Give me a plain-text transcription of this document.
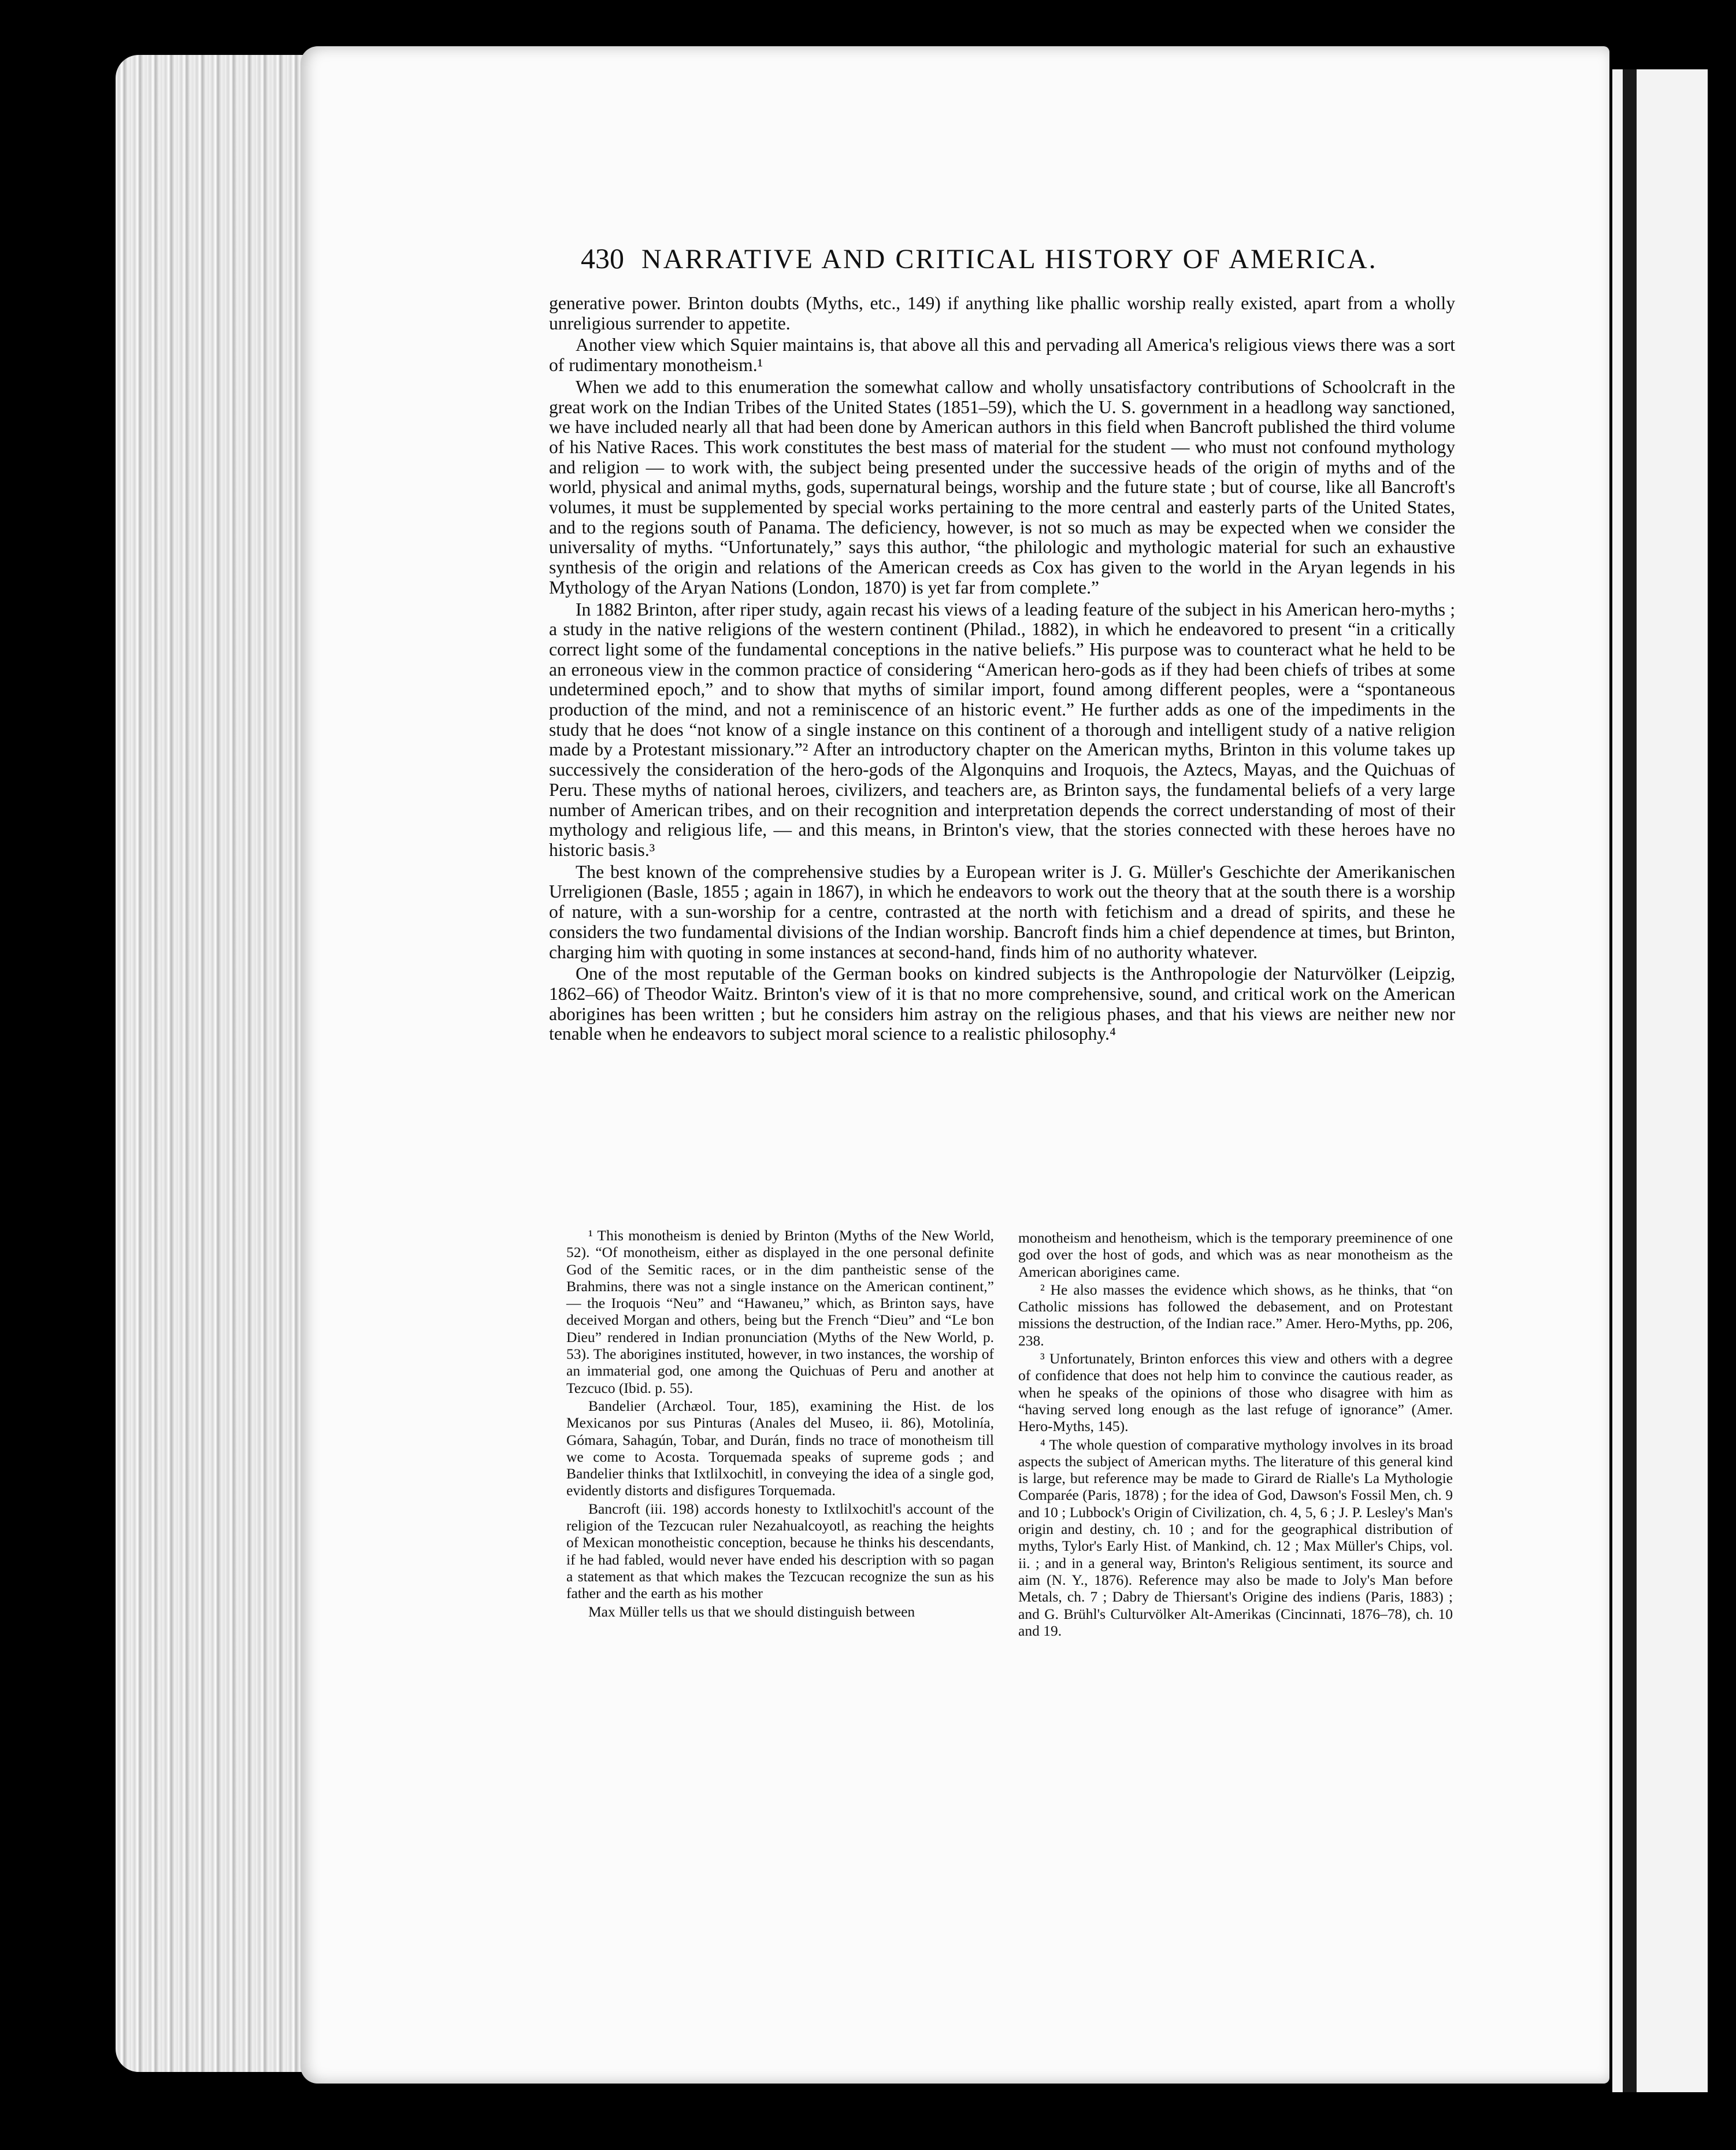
430 NARRATIVE AND CRITICAL HISTORY OF AMERICA.

generative power. Brinton doubts (Myths, etc., 149) if anything like phallic worship really existed, apart from a wholly unreligious surrender to appetite.

Another view which Squier maintains is, that above all this and pervading all America's religious views there was a sort of rudimentary monotheism.¹

When we add to this enumeration the somewhat callow and wholly unsatisfactory contributions of Schoolcraft in the great work on the Indian Tribes of the United States (1851–59), which the U. S. government in a headlong way sanctioned, we have included nearly all that had been done by American authors in this field when Bancroft published the third volume of his Native Races. This work constitutes the best mass of material for the student — who must not confound mythology and religion — to work with, the subject being presented under the successive heads of the origin of myths and of the world, physical and animal myths, gods, supernatural beings, worship and the future state ; but of course, like all Bancroft's volumes, it must be supplemented by special works pertaining to the more central and easterly parts of the United States, and to the regions south of Panama. The deficiency, however, is not so much as may be expected when we consider the universality of myths. “Unfortunately,” says this author, “the philologic and mythologic material for such an exhaustive synthesis of the origin and relations of the American creeds as Cox has given to the world in the Aryan legends in his Mythology of the Aryan Nations (London, 1870) is yet far from complete.”

In 1882 Brinton, after riper study, again recast his views of a leading feature of the subject in his American hero-myths ; a study in the native religions of the western continent (Philad., 1882), in which he endeavored to present “in a critically correct light some of the fundamental conceptions in the native beliefs.” His purpose was to counteract what he held to be an erroneous view in the common practice of considering “American hero-gods as if they had been chiefs of tribes at some undetermined epoch,” and to show that myths of similar import, found among different peoples, were a “spontaneous production of the mind, and not a reminiscence of an historic event.” He further adds as one of the impediments in the study that he does “not know of a single instance on this continent of a thorough and intelligent study of a native religion made by a Protestant missionary.”² After an introductory chapter on the American myths, Brinton in this volume takes up successively the consideration of the hero-gods of the Algonquins and Iroquois, the Aztecs, Mayas, and the Quichuas of Peru. These myths of national heroes, civilizers, and teachers are, as Brinton says, the fundamental beliefs of a very large number of American tribes, and on their recognition and interpretation depends the correct understanding of most of their mythology and religious life, — and this means, in Brinton's view, that the stories connected with these heroes have no historic basis.³

The best known of the comprehensive studies by a European writer is J. G. Müller's Geschichte der Amerikanischen Urreligionen (Basle, 1855 ; again in 1867), in which he endeavors to work out the theory that at the south there is a worship of nature, with a sun-worship for a centre, contrasted at the north with fetichism and a dread of spirits, and these he considers the two fundamental divisions of the Indian worship. Bancroft finds him a chief dependence at times, but Brinton, charging him with quoting in some instances at second-hand, finds him of no authority whatever.

One of the most reputable of the German books on kindred subjects is the Anthropologie der Naturvölker (Leipzig, 1862–66) of Theodor Waitz. Brinton's view of it is that no more comprehensive, sound, and critical work on the American aborigines has been written ; but he considers him astray on the religious phases, and that his views are neither new nor tenable when he endeavors to subject moral science to a realistic philosophy.⁴

¹ This monotheism is denied by Brinton (Myths of the New World, 52). “Of monotheism, either as displayed in the one personal definite God of the Semitic races, or in the dim pantheistic sense of the Brahmins, there was not a single instance on the American continent,” — the Iroquois “Neu” and “Hawaneu,” which, as Brinton says, have deceived Morgan and others, being but the French “Dieu” and “Le bon Dieu” rendered in Indian pronunciation (Myths of the New World, p. 53). The aborigines instituted, however, in two instances, the worship of an immaterial god, one among the Quichuas of Peru and another at Tezcuco (Ibid. p. 55).

Bandelier (Archæol. Tour, 185), examining the Hist. de los Mexicanos por sus Pinturas (Anales del Museo, ii. 86), Motolinía, Gómara, Sahagún, Tobar, and Durán, finds no trace of monotheism till we come to Acosta. Torquemada speaks of supreme gods ; and Bandelier thinks that Ixtlilxochitl, in conveying the idea of a single god, evidently distorts and disfigures Torquemada.

Bancroft (iii. 198) accords honesty to Ixtlilxochitl's account of the religion of the Tezcucan ruler Nezahualcoyotl, as reaching the heights of Mexican monotheistic conception, because he thinks his descendants, if he had fabled, would never have ended his description with so pagan a statement as that which makes the Tezcucan recognize the sun as his father and the earth as his mother

Max Müller tells us that we should distinguish between

monotheism and henotheism, which is the temporary preeminence of one god over the host of gods, and which was as near monotheism as the American aborigines came.

² He also masses the evidence which shows, as he thinks, that “on Catholic missions has followed the debasement, and on Protestant missions the destruction, of the Indian race.” Amer. Hero-Myths, pp. 206, 238.

³ Unfortunately, Brinton enforces this view and others with a degree of confidence that does not help him to convince the cautious reader, as when he speaks of the opinions of those who disagree with him as “having served long enough as the last refuge of ignorance” (Amer. Hero-Myths, 145).

⁴ The whole question of comparative mythology involves in its broad aspects the subject of American myths. The literature of this general kind is large, but reference may be made to Girard de Rialle's La Mythologie Comparée (Paris, 1878) ; for the idea of God, Dawson's Fossil Men, ch. 9 and 10 ; Lubbock's Origin of Civilization, ch. 4, 5, 6 ; J. P. Lesley's Man's origin and destiny, ch. 10 ; and for the geographical distribution of myths, Tylor's Early Hist. of Mankind, ch. 12 ; Max Müller's Chips, vol. ii. ; and in a general way, Brinton's Religious sentiment, its source and aim (N. Y., 1876). Reference may also be made to Joly's Man before Metals, ch. 7 ; Dabry de Thiersant's Origine des indiens (Paris, 1883) ; and G. Brühl's Culturvölker Alt-Amerikas (Cincinnati, 1876–78), ch. 10 and 19.
